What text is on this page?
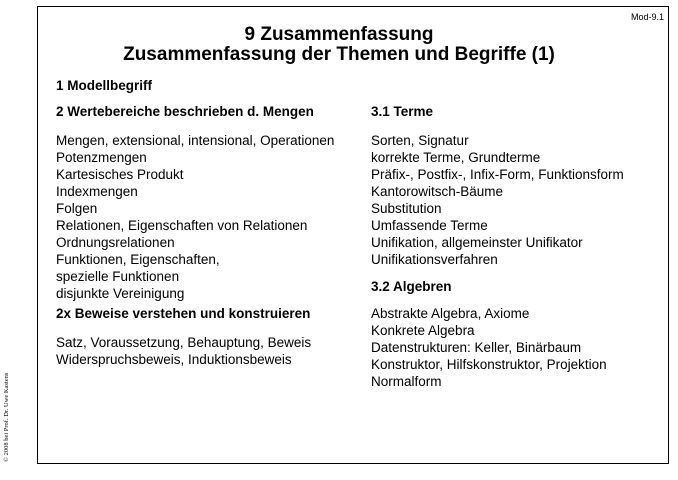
Mod-9.1
9 Zusammenfassung
Zusammenfassung der Themen und Begriffe (1)
1 Modellbegriff
2 Wertebereiche beschrieben d. Mengen
Mengen, extensional, intensional, Operationen
Potenzmengen
Kartesisches Produkt
Indexmengen
Folgen
Relationen, Eigenschaften von Relationen
Ordnungsrelationen
Funktionen, Eigenschaften,
spezielle Funktionen
disjunkte Vereinigung
2x Beweise verstehen und konstruieren
Satz, Voraussetzung, Behauptung, Beweis
Widerspruchsbeweis, Induktionsbeweis
3.1 Terme
Sorten, Signatur
korrekte Terme, Grundterme
Präfix-, Postfix-, Infix-Form, Funktionsform
Kantorowitsch-Bäume
Substitution
Umfassende Terme
Unifikation, allgemeinster Unifikator
Unifikationsverfahren
3.2 Algebren
Abstrakte Algebra, Axiome
Konkrete Algebra
Datenstrukturen: Keller, Binärbaum
Konstruktor, Hilfskonstruktor, Projektion
Normalform
© 2008 bei Prof. Dr. Uwe Kastens
